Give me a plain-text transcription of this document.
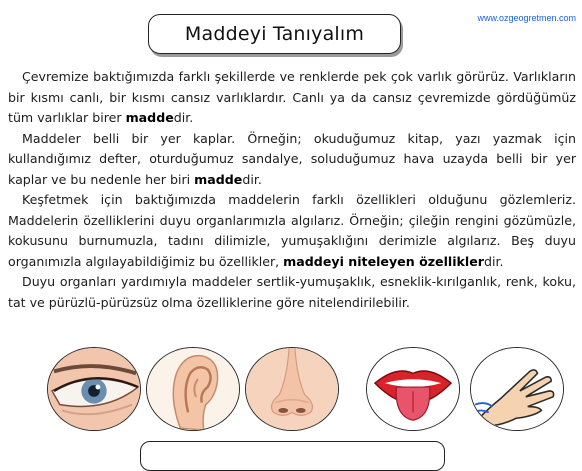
www.ozgeogretmen.com
Maddeyi Tanıyalım

Çevremize baktığımızda farklı şekillerde ve renklerde pek çok varlık görürüz. Varlıkların bir kısmı canlı, bir kısmı cansız varlıklardır. Canlı ya da cansız çevremizde gördüğümüz tüm varlıklar birer maddedir.

Maddeler belli bir yer kaplar. Örneğin; okuduğumuz kitap, yazı yazmak için kullandığımız defter, oturduğumuz sandalye, soluduğumuz hava uzayda belli bir yer kaplar ve bu nedenle her biri maddedir.

Keşfetmek için baktığımızda maddelerin farklı özellikleri olduğunu gözlemleriz. Maddelerin özelliklerini duyu organlarımızla algılarız. Örneğin; çileğin rengini gözümüzle, kokusunu burnumuzla, tadını dilimizle, yumuşaklığını derimizle algılarız. Beş duyu organımızla algılayabildiğimiz bu özellikler, maddeyi niteleyen özelliklerdir.

Duyu organları yardımıyla maddeler sertlik-yumuşaklık, esneklik-kırılganlık, renk, koku, tat ve pürüzlü-pürüzsüz olma özelliklerine göre nitelendirilebilir.
